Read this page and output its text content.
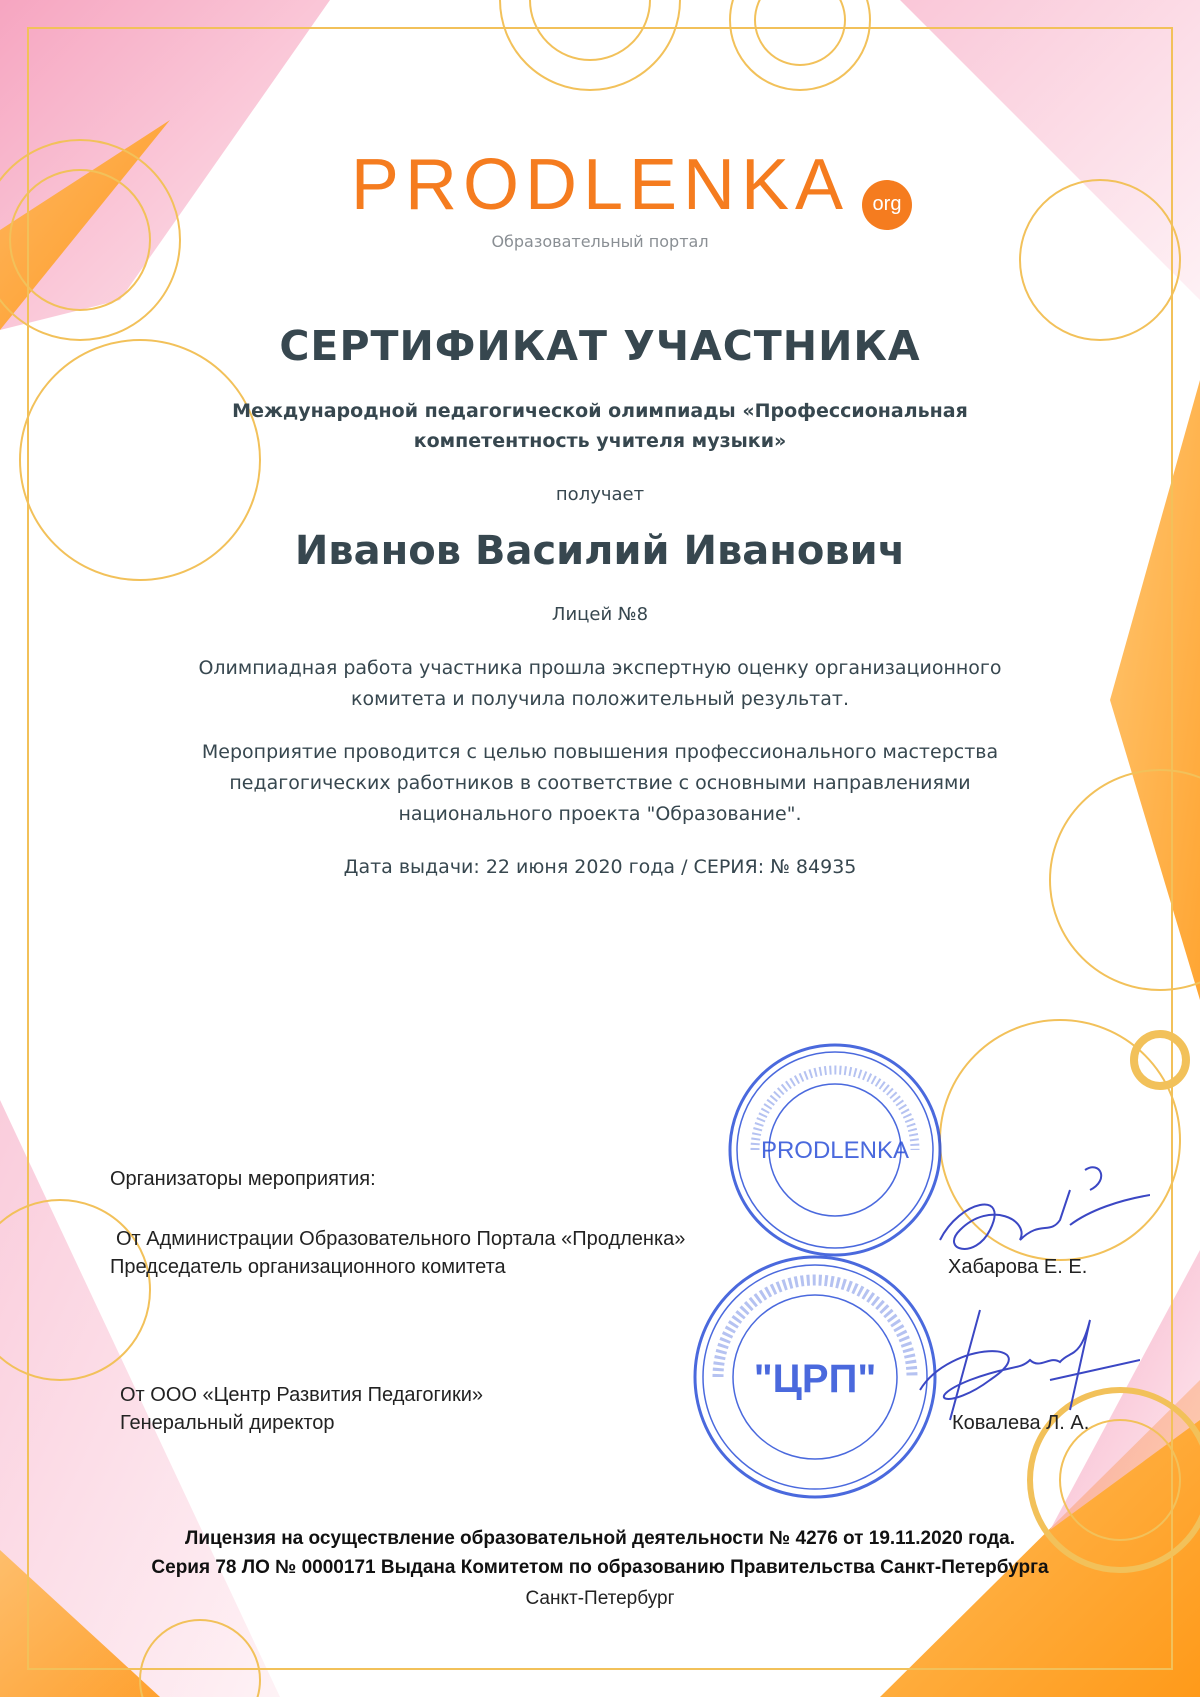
PRODLENKA	org
Образовательный портал
СЕРТИФИКАТ УЧАСТНИКА
Международной педагогической олимпиады «Профессиональная
компетентность учителя музыки»
получает
Иванов Василий Иванович
Лицей №8
Олимпиадная работа участника прошла экспертную оценку организационного
комитета и получила положительный результат.
Мероприятие проводится с целью повышения профессионального мастерства
педагогических работников в соответствие с основными направлениями
национального проекта "Образование".
Дата выдачи: 22 июня 2020 года / СЕРИЯ: № 84935
Организаторы мероприятия:
От Администрации Образовательного Портала «Продленка»
Председатель организационного комитета	Хабарова Е. Е.
От ООО «Центр Развития Педагогики»
Генеральный директор	Ковалева Л. А.
PRODLENKA
"ЦРП"
Лицензия на осуществление образовательной деятельности № 4276 от 19.11.2020 года.
Серия 78 ЛО № 0000171 Выдана Комитетом по образованию Правительства Санкт-Петербурга
Санкт-Петербург
